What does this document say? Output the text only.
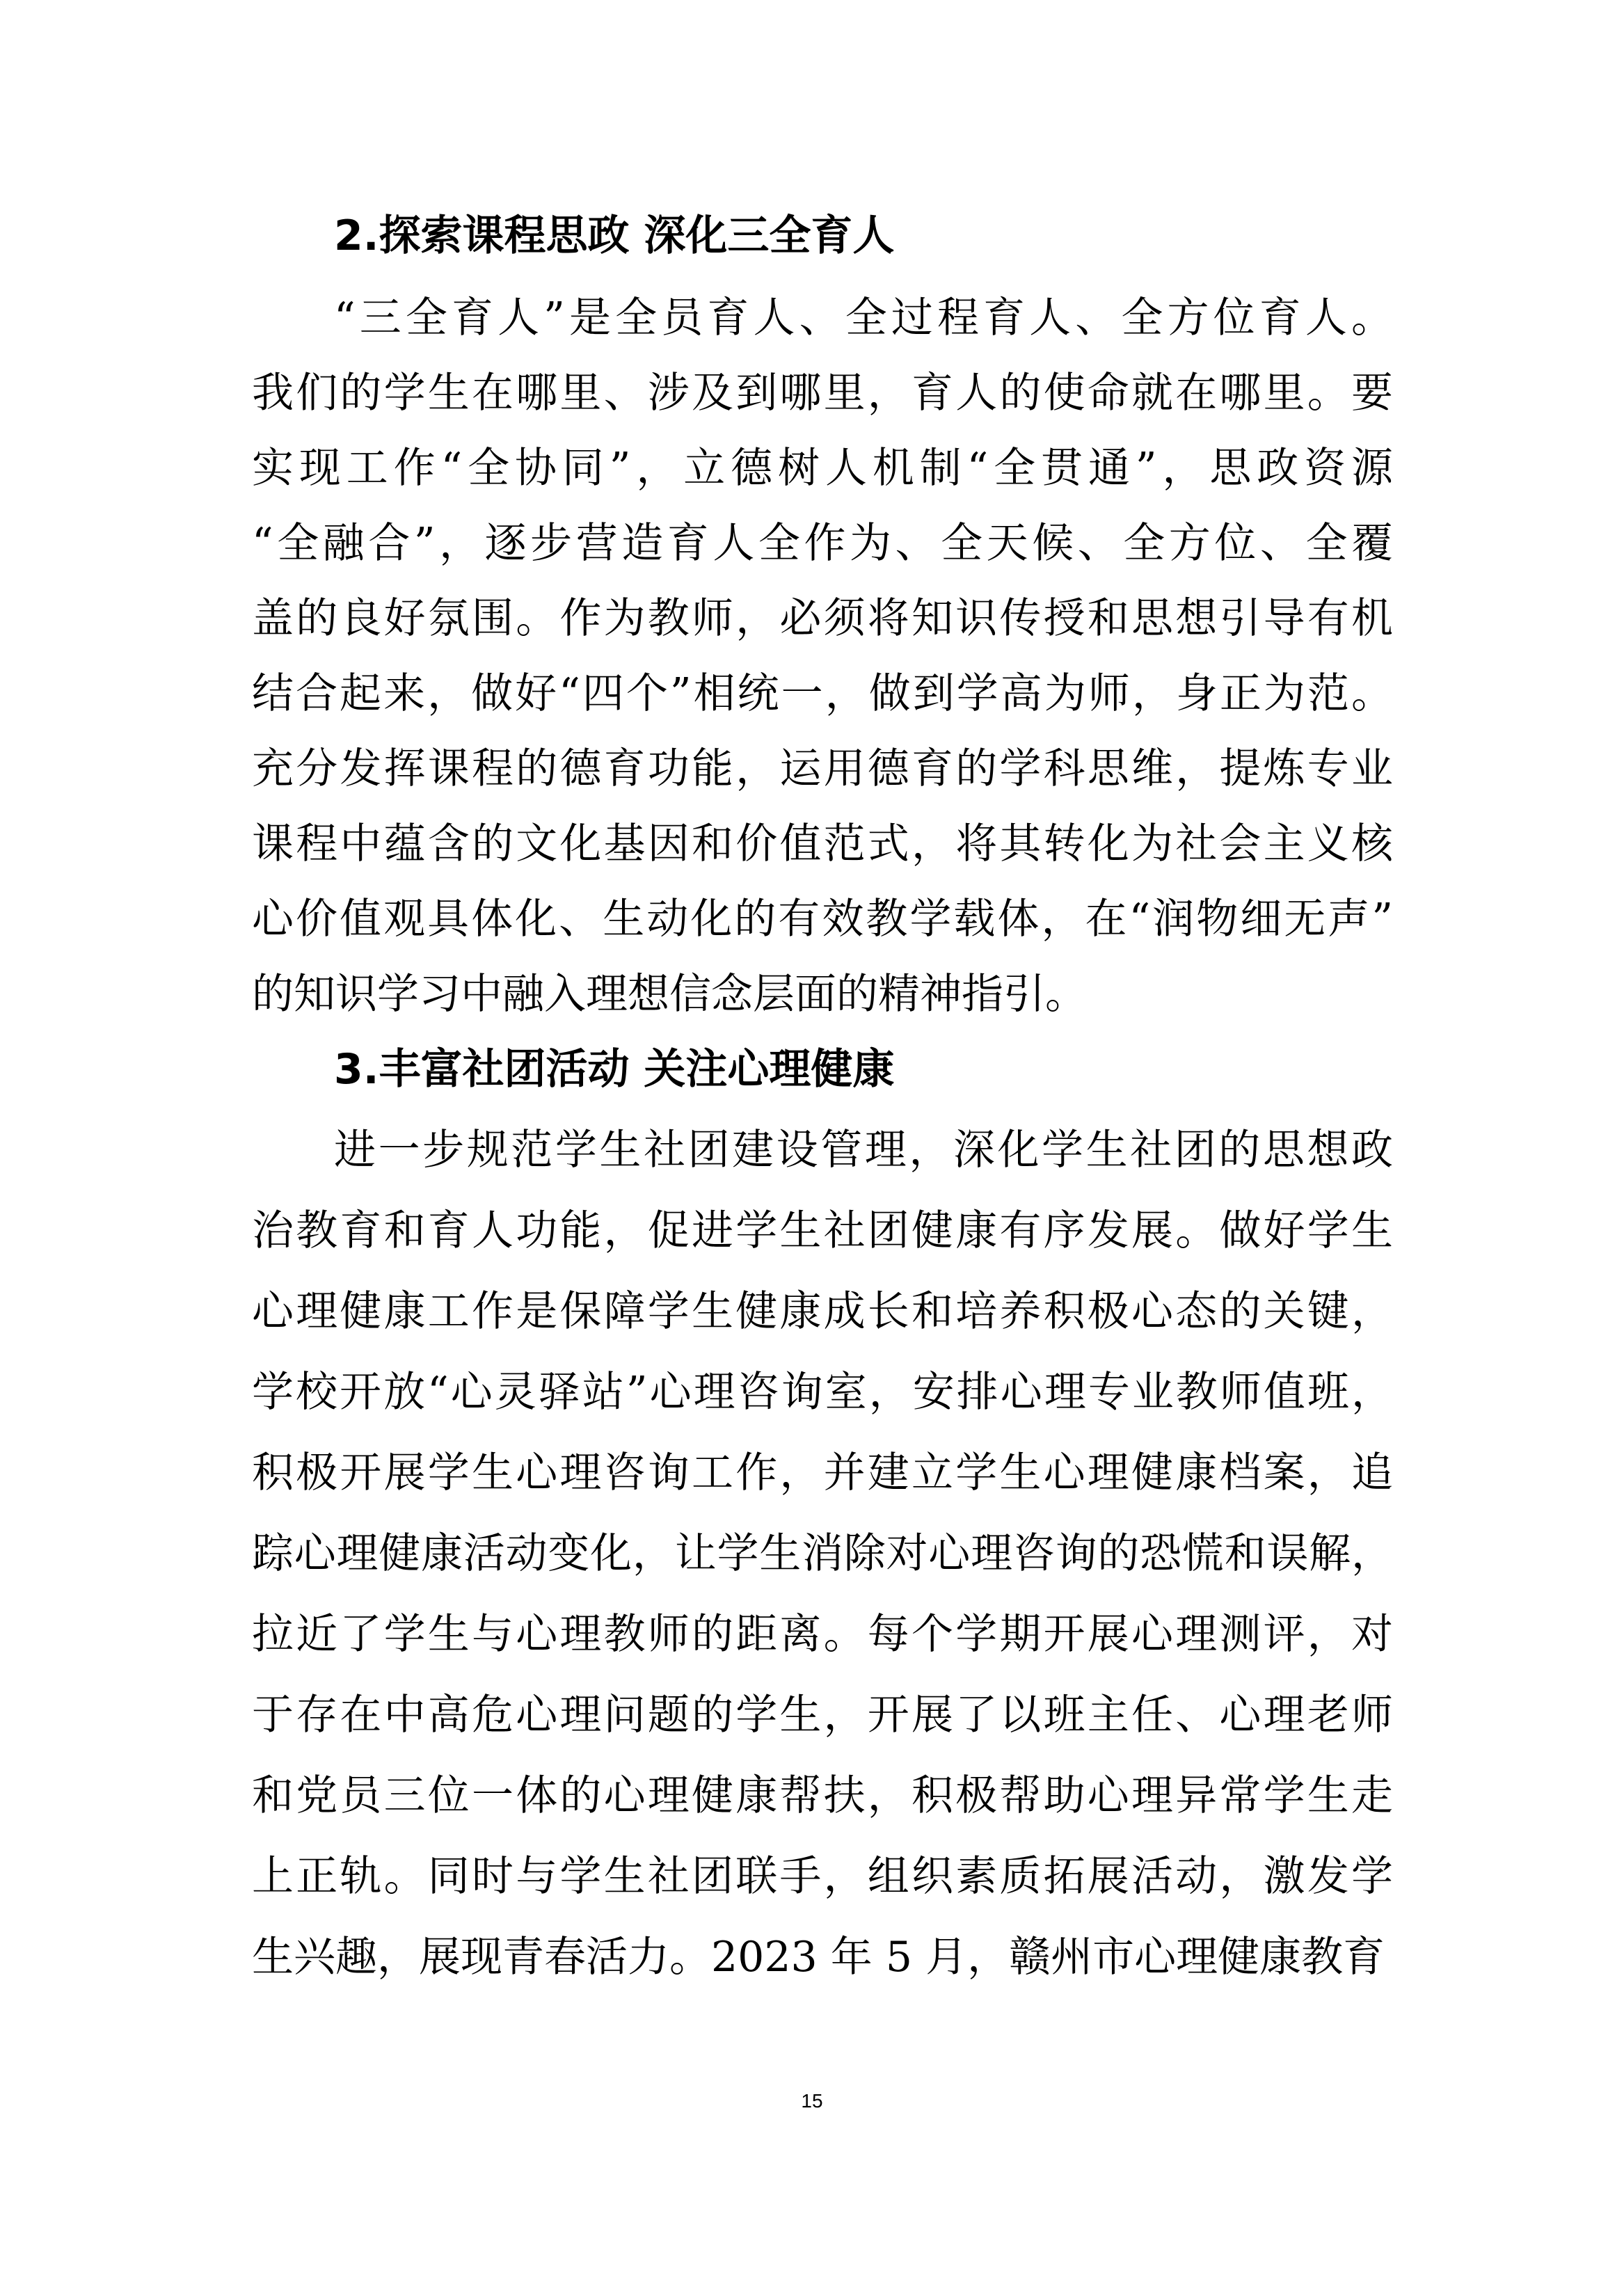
2.探索课程思政 深化三全育人
“三全育人”是全员育人、全过程育人、全方位育人。
我们的学生在哪里、涉及到哪里，育人的使命就在哪里。要
实现工作“全协同”，立德树人机制“全贯通”，思政资源
“全融合”，逐步营造育人全作为、全天候、全方位、全覆
盖的良好氛围。作为教师，必须将知识传授和思想引导有机
结合起来，做好“四个”相统一，做到学高为师，身正为范。
充分发挥课程的德育功能，运用德育的学科思维，提炼专业
课程中蕴含的文化基因和价值范式，将其转化为社会主义核
心价值观具体化、生动化的有效教学载体，在“润物细无声”
的知识学习中融入理想信念层面的精神指引。
3.丰富社团活动 关注心理健康
进一步规范学生社团建设管理，深化学生社团的思想政
治教育和育人功能，促进学生社团健康有序发展。做好学生
心理健康工作是保障学生健康成长和培养积极心态的关键，
学校开放“心灵驿站”心理咨询室，安排心理专业教师值班，
积极开展学生心理咨询工作，并建立学生心理健康档案，追
踪心理健康活动变化，让学生消除对心理咨询的恐慌和误解，
拉近了学生与心理教师的距离。每个学期开展心理测评，对
于存在中高危心理问题的学生，开展了以班主任、心理老师
和党员三位一体的心理健康帮扶，积极帮助心理异常学生走
上正轨。同时与学生社团联手，组织素质拓展活动，激发学
生兴趣，展现青春活力。2023 年 5 月，赣州市心理健康教育
15
